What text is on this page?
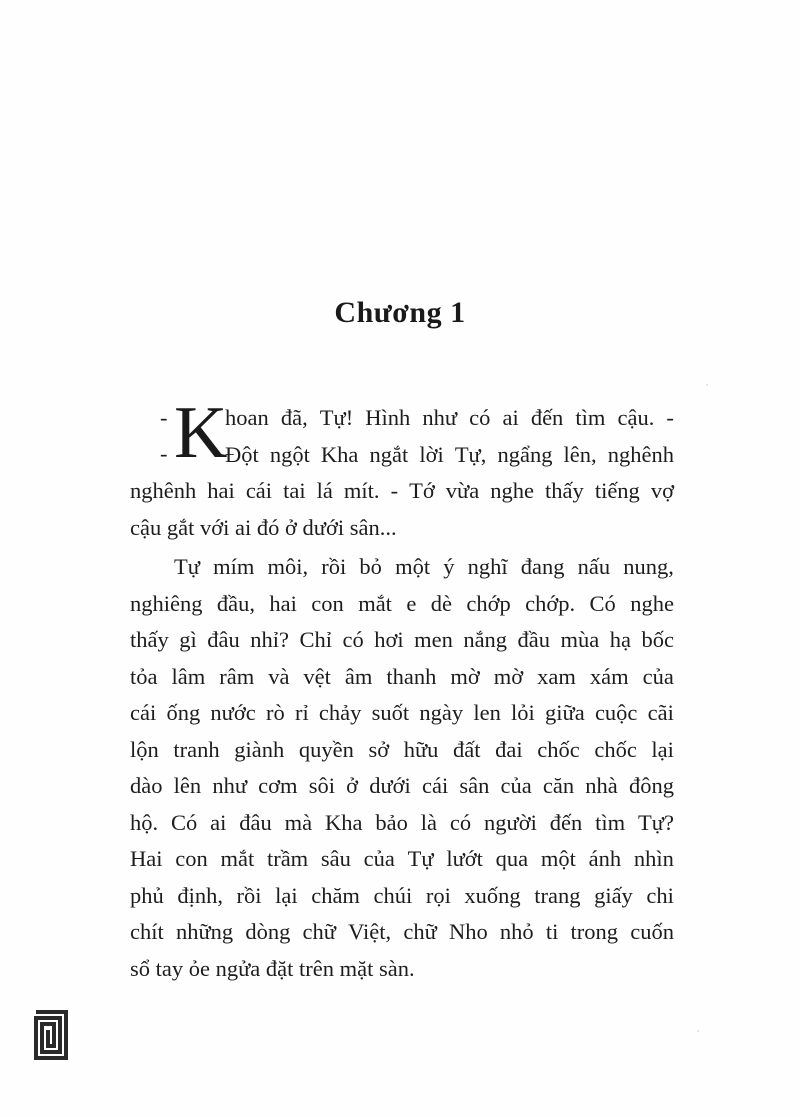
Chương 1
-
- K
hoan đã, Tự! Hình như có ai đến tìm cậu. -
Đột ngột Kha ngắt lời Tự, ngẩng lên, nghênh
nghênh hai cái tai lá mít. - Tớ vừa nghe thấy tiếng vợ
cậu gắt với ai đó ở dưới sân...
Tự mím môi, rồi bỏ một ý nghĩ đang nấu nung,
nghiêng đầu, hai con mắt e dè chớp chớp. Có nghe
thấy gì đâu nhỉ? Chỉ có hơi men nắng đầu mùa hạ bốc
tỏa lâm râm và vệt âm thanh mờ mờ xam xám của
cái ống nước rò rỉ chảy suốt ngày len lỏi giữa cuộc cãi
lộn tranh giành quyền sở hữu đất đai chốc chốc lại
dào lên như cơm sôi ở dưới cái sân của căn nhà đông
hộ. Có ai đâu mà Kha bảo là có người đến tìm Tự?
Hai con mắt trầm sâu của Tự lướt qua một ánh nhìn
phủ định, rồi lại chăm chúi rọi xuống trang giấy chi
chít những dòng chữ Việt, chữ Nho nhỏ ti trong cuốn
sổ tay ỏe ngửa đặt trên mặt sàn.
